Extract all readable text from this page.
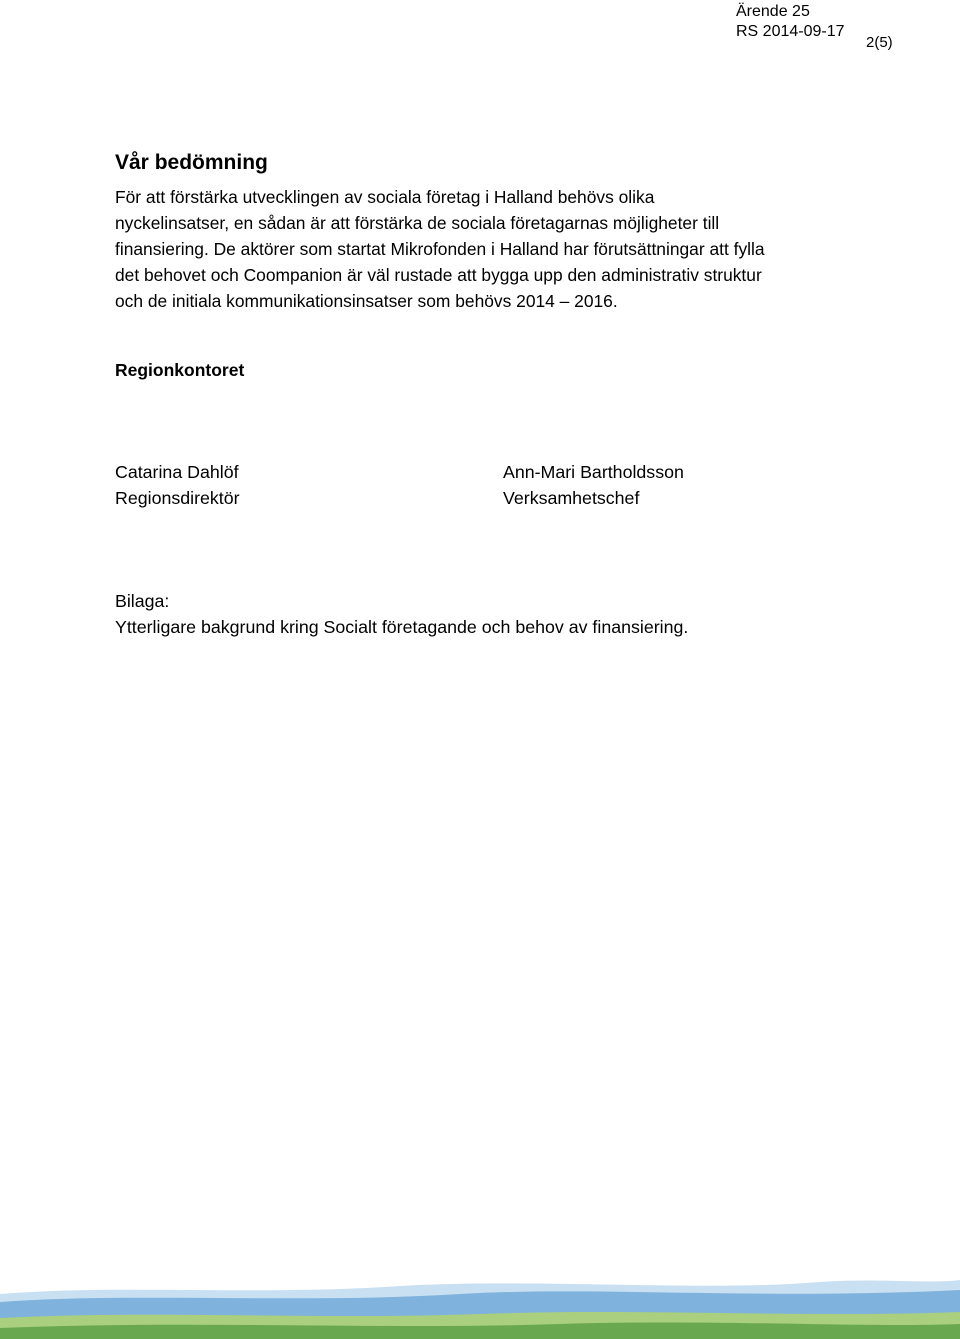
Ärende 25
RS 2014-09-17
2(5)
Vår bedömning

För att förstärka utvecklingen av sociala företag i Halland behövs olika
nyckelinsatser, en sådan är att förstärka de sociala företagarnas möjligheter till
finansiering. De aktörer som startat Mikrofonden i Halland har förutsättningar att fylla
det behovet och Coompanion är väl rustade att bygga upp den administrativ struktur
och de initiala kommunikationsinsatser som behövs 2014 – 2016.

Regionkontoret
Catarina Dahlöf
Regionsdirektör
Ann-Mari Bartholdsson
Verksamhetschef
Bilaga:
Ytterligare bakgrund kring Socialt företagande och behov av finansiering.
